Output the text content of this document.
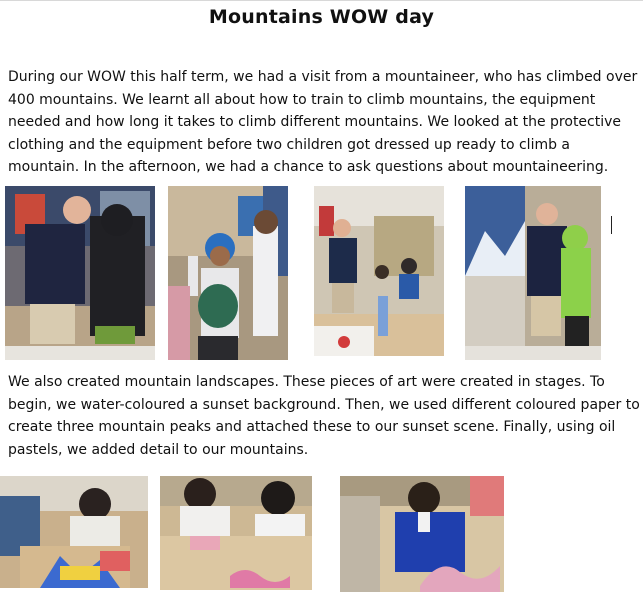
Mountains WOW day
During our WOW this half term, we had a visit from a mountaineer, who has climbed over 400 mountains. We learnt all about how to train to climb mountains, the equipment needed and how long it takes to climb different mountains. We looked at the protective clothing and the equipment before two children got dressed up ready to climb a mountain. In the afternoon, we had a chance to ask questions about mountaineering.
We also created mountain landscapes. These pieces of art were created in stages. To begin, we water-coloured a sunset background. Then, we used different coloured paper to create three mountain peaks and attached these to our sunset scene. Finally, using oil pastels, we added detail to our mountains.
